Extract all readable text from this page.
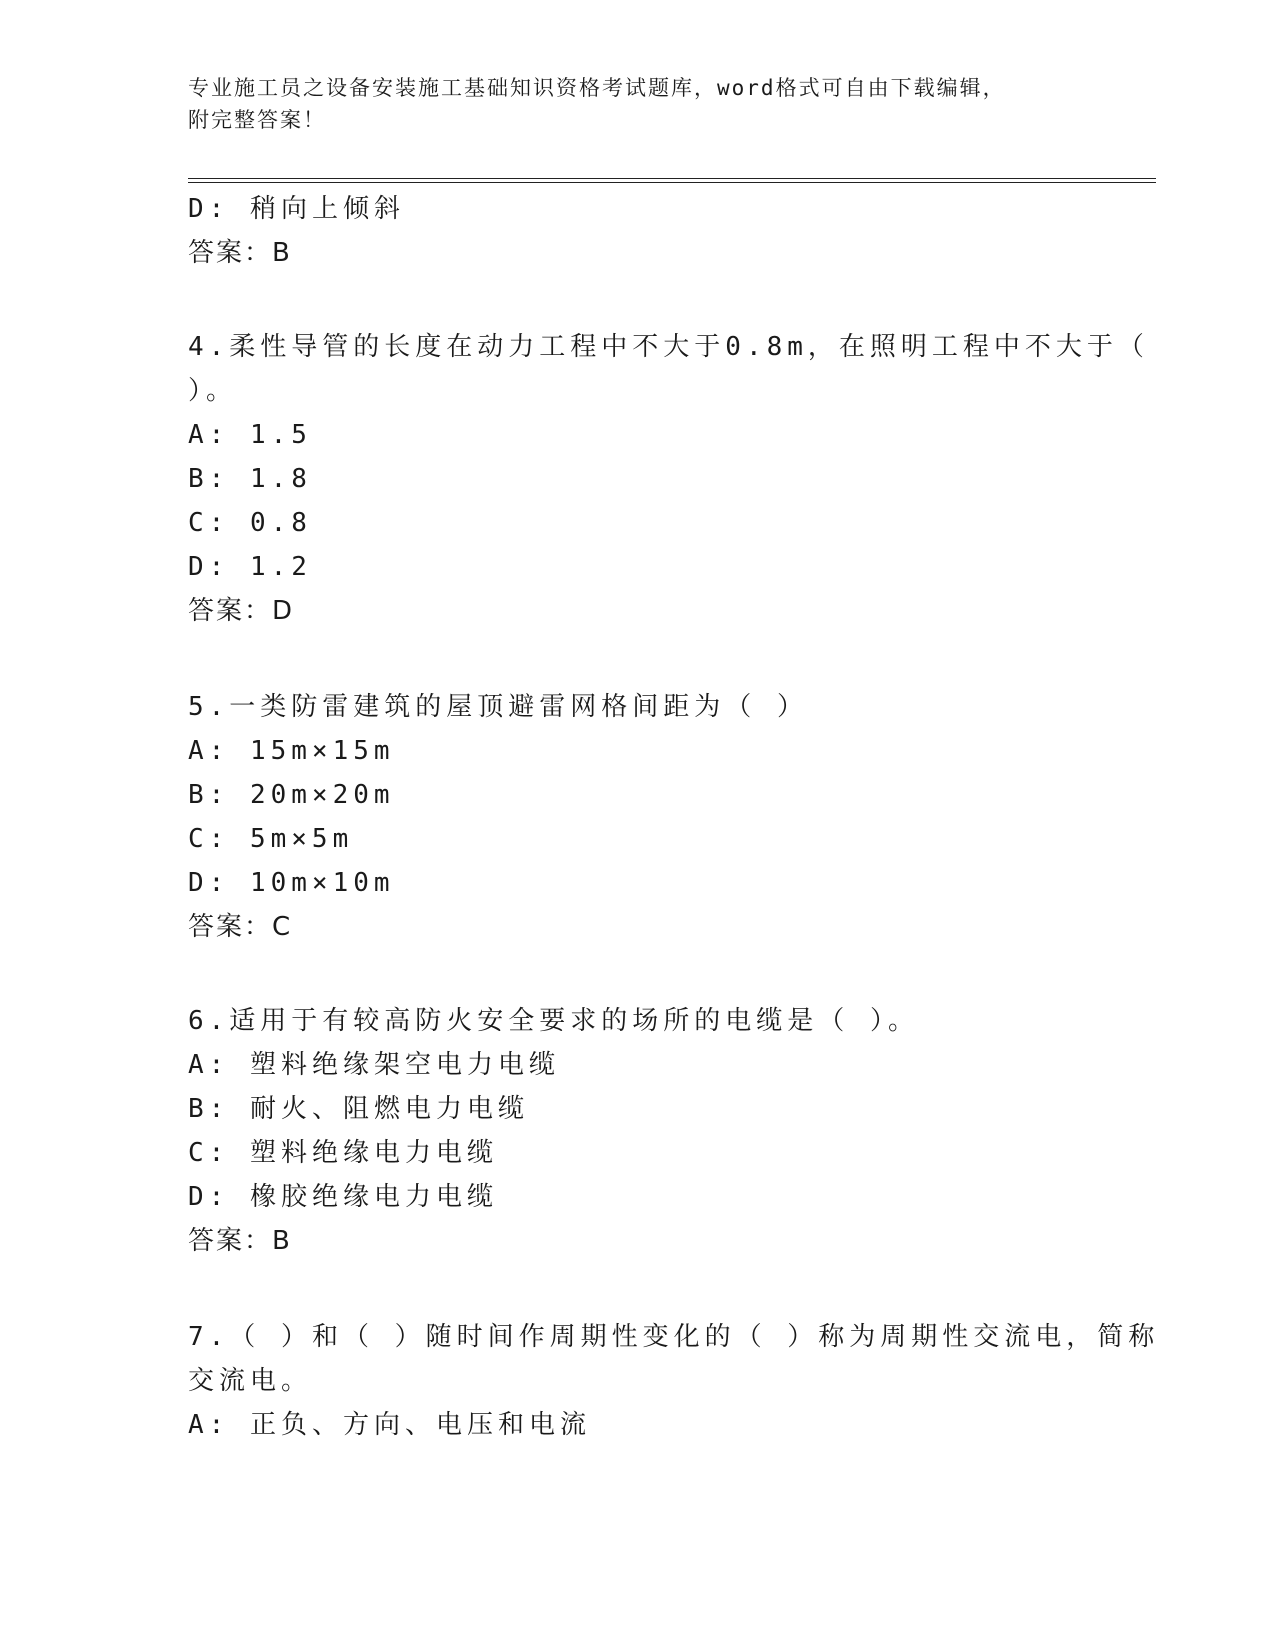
专业施工员之设备安装施工基础知识资格考试题库，word格式可自由下载编辑，
附完整答案！
D: 稍向上倾斜
答案：B
4.柔性导管的长度在动力工程中不大于0.8m，在照明工程中不大于（
）。
A: 1.5
B: 1.8
C: 0.8
D: 1.2
答案：D
5.一类防雷建筑的屋顶避雷网格间距为（ ）
A: 15m×15m
B: 20m×20m
C: 5m×5m
D: 10m×10m
答案：C
6.适用于有较高防火安全要求的场所的电缆是（ ）。
A: 塑料绝缘架空电力电缆
B: 耐火、阻燃电力电缆
C: 塑料绝缘电力电缆
D: 橡胶绝缘电力电缆
答案：B
7.（ ）和（ ）随时间作周期性变化的（ ）称为周期性交流电，简称
交流电。
A: 正负、方向、电压和电流
